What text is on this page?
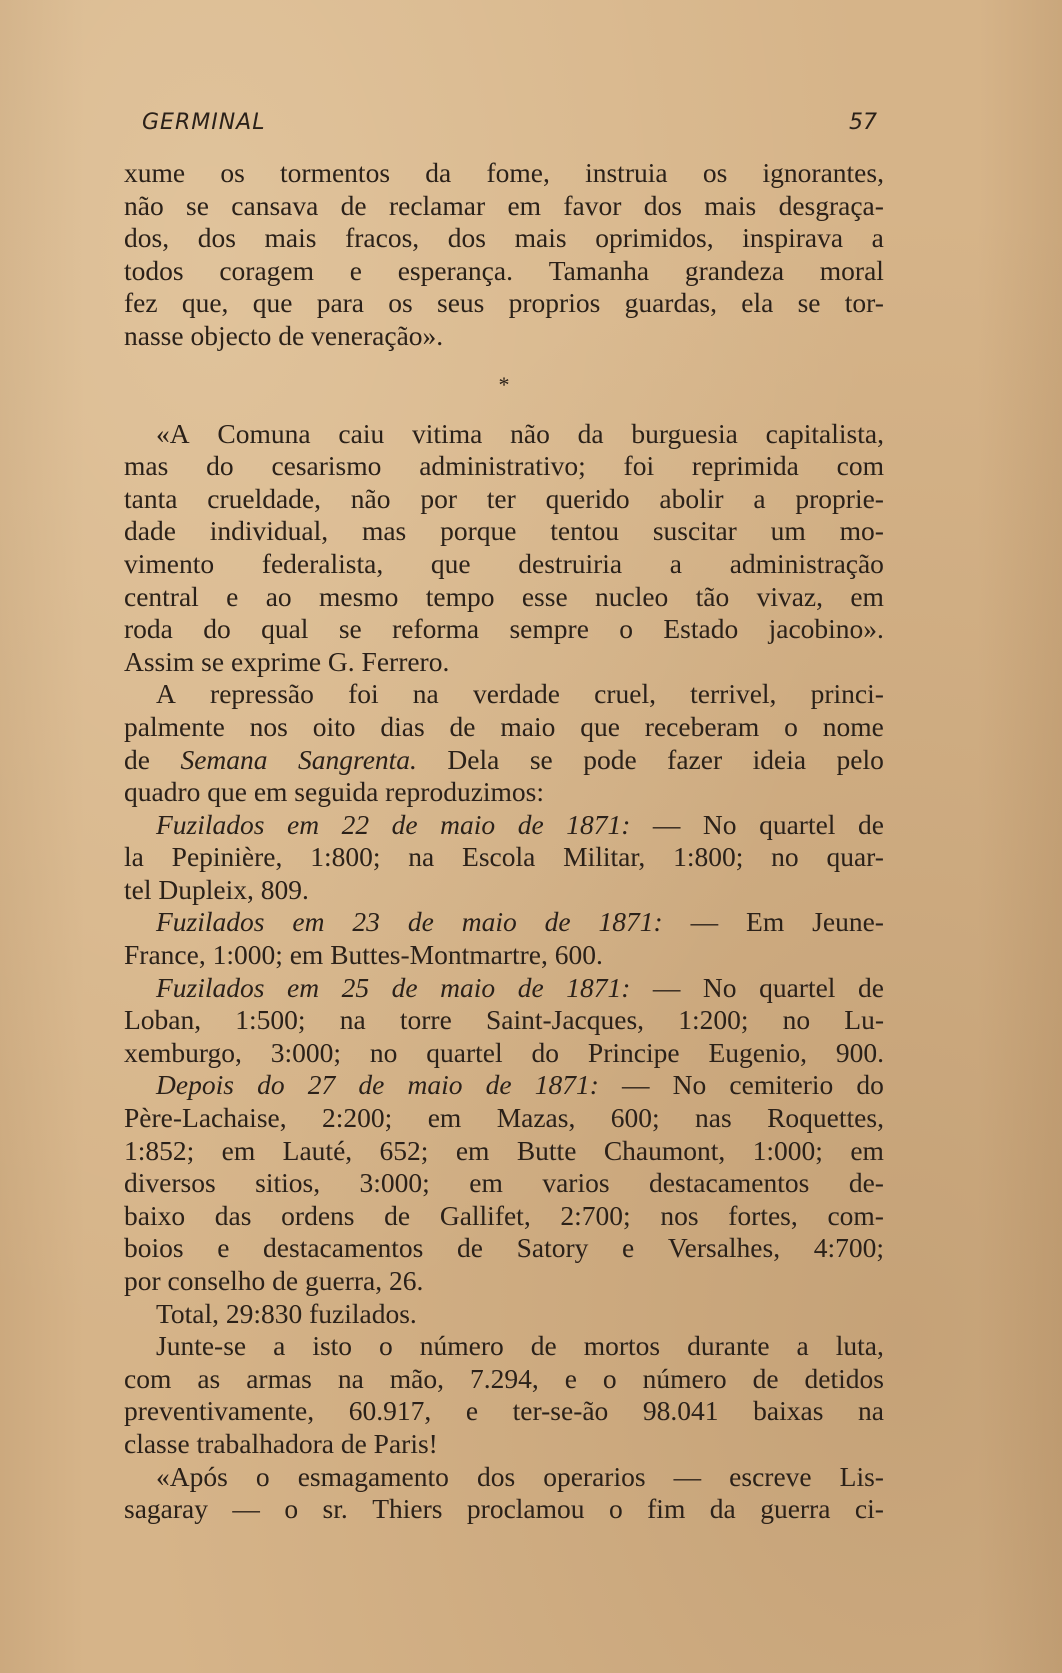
GERMINAL	57
xume os tormentos da fome, instruia os ignorantes,
não se cansava de reclamar em favor dos mais desgraça-
dos, dos mais fracos, dos mais oprimidos, inspirava a
todos coragem e esperança. Tamanha grandeza moral
fez que, que para os seus proprios guardas, ela se tor-
nasse objecto de veneração».
*
«A Comuna caiu vitima não da burguesia capitalista,
mas do cesarismo administrativo; foi reprimida com
tanta crueldade, não por ter querido abolir a proprie-
dade individual, mas porque tentou suscitar um mo-
vimento federalista, que destruiria a administração
central e ao mesmo tempo esse nucleo tão vivaz, em
roda do qual se reforma sempre o Estado jacobino».
Assim se exprime G. Ferrero.
A repressão foi na verdade cruel, terrivel, princi-
palmente nos oito dias de maio que receberam o nome
de Semana Sangrenta. Dela se pode fazer ideia pelo
quadro que em seguida reproduzimos:
Fuzilados em 22 de maio de 1871: — No quartel de
la Pepinière, 1:800; na Escola Militar, 1:800; no quar-
tel Dupleix, 809.
Fuzilados em 23 de maio de 1871: — Em Jeune-
France, 1:000; em Buttes-Montmartre, 600.
Fuzilados em 25 de maio de 1871: — No quartel de
Loban, 1:500; na torre Saint-Jacques, 1:200; no Lu-
xemburgo, 3:000; no quartel do Principe Eugenio, 900.
Depois do 27 de maio de 1871: — No cemiterio do
Père-Lachaise, 2:200; em Mazas, 600; nas Roquettes,
1:852; em Lauté, 652; em Butte Chaumont, 1:000; em
diversos sitios, 3:000; em varios destacamentos de-
baixo das ordens de Gallifet, 2:700; nos fortes, com-
boios e destacamentos de Satory e Versalhes, 4:700;
por conselho de guerra, 26.
Total, 29:830 fuzilados.
Junte-se a isto o número de mortos durante a luta,
com as armas na mão, 7.294, e o número de detidos
preventivamente, 60.917, e ter-se-ão 98.041 baixas na
classe trabalhadora de Paris!
«Após o esmagamento dos operarios — escreve Lis-
sagaray — o sr. Thiers proclamou o fim da guerra ci-
